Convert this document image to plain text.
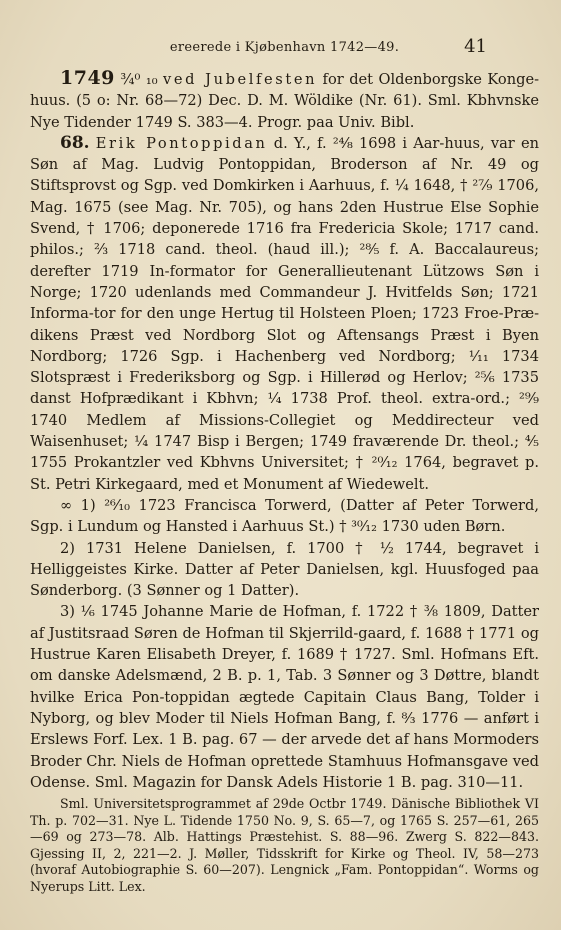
ereerede i Kjøbenhavn 1742—49.	41

1749 ¾⁰ ₁₀ ved Jubelfesten for det Oldenborgske Konge-huus. (5 o: Nr. 68—72) Dec. D. M. Wöldike (Nr. 61). Sml. Kbhvnske Nye Tidender 1749 S. 383—4. Progr. paa Univ. Bibl.

68. Erik Pontoppidan d. Y., f. ²⁴⁄₈ 1698 i Aar-huus, var en Søn af Mag. Ludvig Pontoppidan, Broderson af Nr. 49 og Stiftsprovst og Sgp. ved Domkirken i Aarhuus, f. ¼ 1648, † ²⁷⁄₉ 1706, Mag. 1675 (see Mag. Nr. 705), og hans 2den Hustrue Else Sophie Svend, † 1706; deponerede 1716 fra Fredericia Skole; 1717 cand. philos.; ⅔ 1718 cand. theol. (haud ill.); ²⁸⁄₅ f. A. Baccalaureus; derefter 1719 In-formator for Generallieutenant Lützows Søn i Norge; 1720 udenlands med Commandeur J. Hvitfelds Søn; 1721 Informa-tor for den unge Hertug til Holsteen Ploen; 1723 Froe-Præ-dikens Præst ved Nordborg Slot og Aftensangs Præst i Byen Nordborg; 1726 Sgp. i Hachenberg ved Nordborg; ¹⁄₁₁ 1734 Slotspræst i Frederiksborg og Sgp. i Hillerød og Herlov; ²⁵⁄₆ 1735 danst Hofprædikant i Kbhvn; ¹⁄₄ 1738 Prof. theol. extra-ord.; ²⁹⁄₉ 1740 Medlem af Missions-Collegiet og Meddirecteur ved Waisenhuset; ¹⁄₄ 1747 Bisp i Bergen; 1749 fraværende Dr. theol.; ⅘ 1755 Prokantzler ved Kbhvns Universitet; † ²⁰⁄₁₂ 1764, begravet p. St. Petri Kirkegaard, med et Monument af Wiedewelt.

∞ 1) ²⁶⁄₁₀ 1723 Francisca Torwerd, (Datter af Peter Torwerd, Sgp. i Lundum og Hansted i Aarhuus St.) † ³⁰⁄₁₂ 1730 uden Børn.

2) 1731 Helene Danielsen, f. 1700 † ½ 1744, begravet i Helliggeistes Kirke. Datter af Peter Danielsen, kgl. Huusfoged paa Sønderborg. (3 Sønner og 1 Datter).

3) ¹⁄₆ 1745 Johanne Marie de Hofman, f. 1722 † ⅜ 1809, Datter af Justitsraad Søren de Hofman til Skjerrild-gaard, f. 1688 † 1771 og Hustrue Karen Elisabeth Dreyer, f. 1689 † 1727. Sml. Hofmans Eft. om danske Adelsmænd, 2 B. p. 1, Tab. 3 Sønner og 3 Døttre, blandt hvilke Erica Pon-toppidan ægtede Capitain Claus Bang, Tolder i Nyborg, og blev Moder til Niels Hofman Bang, f. ⁸⁄₃ 1776 — anført i Erslews Forf. Lex. 1 B. pag. 67 — der arvede det af hans Mormoders Broder Chr. Niels de Hofman oprettede Stamhuus Hofmansgave ved Odense. Sml. Magazin for Dansk Adels Historie 1 B. pag. 310—11.

Sml. Universitetsprogrammet af 29de Octbr 1749. Dänische Bibliothek VI Th. p. 702—31. Nye L. Tidende 1750 No. 9, S. 65—7, og 1765 S. 257—61, 265—69 og 273—78. Alb. Hattings Præstehist. S. 88—96. Zwerg S. 822—843. Gjessing II, 2, 221—2. J. Møller, Tidsskrift for Kirke og Theol. IV, 58—273 (hvoraf Autobiographie S. 60—207). Lengnick „Fam. Pontoppidan“. Worms og Nyerups Litt. Lex.
